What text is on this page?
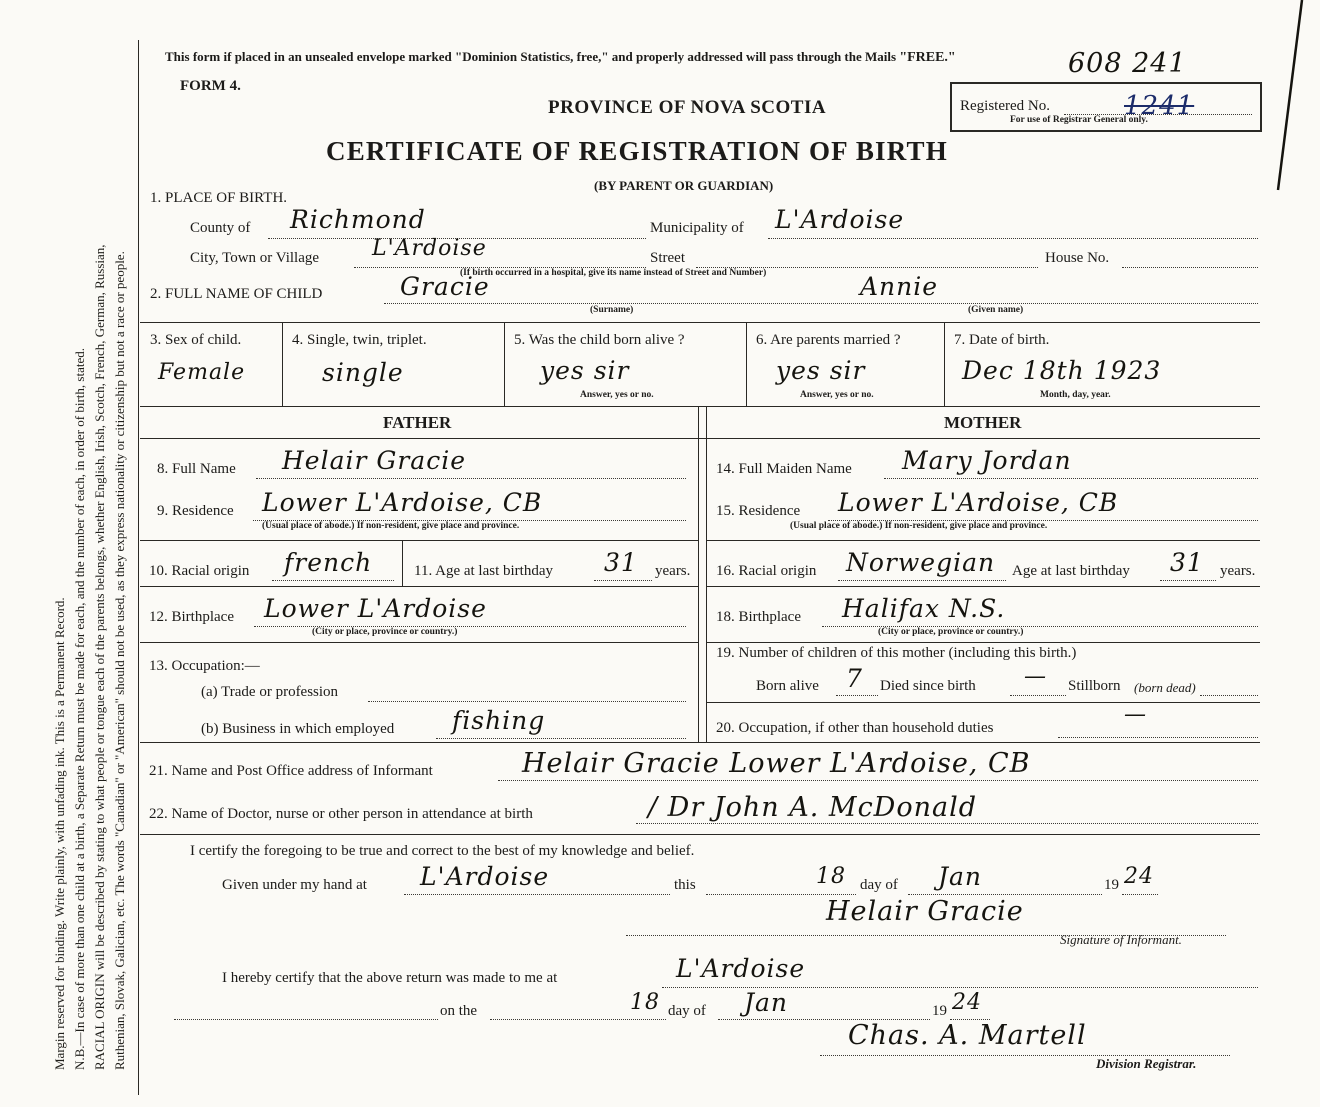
Margin reserved for binding. Write plainly, with unfading ink. This is a Permanent Record. N.B.—In case of more than one child at a birth, a Separate Return must be made for each, and the number of each, in order of birth, stated. RACIAL ORIGIN will be described by stating to what people or tongue each of the parents belongs, whether English, Irish, Scotch, French, German, Russian, Ruthenian, Slovak, Galician, etc. The words "Canadian" or "American" should not be used, as they express nationality or citizenship but not a race or people.
This form if placed in an unsealed envelope marked "Dominion Statistics, free," and properly addressed will pass through the Mails "FREE."	608 241
FORM 4.
PROVINCE OF NOVA SCOTIA	Registered No.
For use of Registrar General only.
1241
CERTIFICATE OF REGISTRATION OF BIRTH
(BY PARENT OR GUARDIAN)
1. PLACE OF BIRTH.
County of Richmond	Municipality of L'Ardoise
City, Town or Village L'Ardoise	Street	House No.
(If birth occurred in a hospital, give its name instead of Street and Number)
2. FULL NAME OF CHILD	Gracie	Annie
(Surname)	(Given name)
3. Sex of child.
Female
4. Single, twin, triplet.
single
5. Was the child born alive ?
yes sir
Answer, yes or no.
6. Are parents married ?
yes sir
Answer, yes or no.
7. Date of birth.
Dec 18th 1923
Month, day, year.
FATHER	MOTHER
8. Full Name Helair Gracie
9. Residence Lower L'Ardoise, CB
(Usual place of abode.) If non-resident, give place and province.
10. Racial origin french	11. Age at last birthday 31 years.
12. Birthplace Lower L'Ardoise
(City or place, province or country.)
13. Occupation:—
(a) Trade or profession
(b) Business in which employed fishing
14. Full Maiden Name Mary Jordan
15. Residence Lower L'Ardoise, CB
(Usual place of abode.) If non-resident, give place and province.
16. Racial origin Norwegian Age at last birthday 31 years.
18. Birthplace Halifax N.S.
(City or place, province or country.)
19. Number of children of this mother (including this birth.)
Born alive 7 Died since birth — Stillborn (born dead)
20. Occupation, if other than household duties
—
21. Name and Post Office address of Informant	Helair Gracie Lower L'Ardoise, CB
22. Name of Doctor, nurse or other person in attendance at birth	/ Dr John A. McDonald
I certify the foregoing to be true and correct to the best of my knowledge and belief.
Given under my hand at L'Ardoise	this	18 day of Jan	19 24
Helair Gracie
Signature of Informant.
I hereby certify that the above return was made to me at	L'Ardoise
on the	18 day of Jan	19 24
Chas. A. Martell
Division Registrar.
